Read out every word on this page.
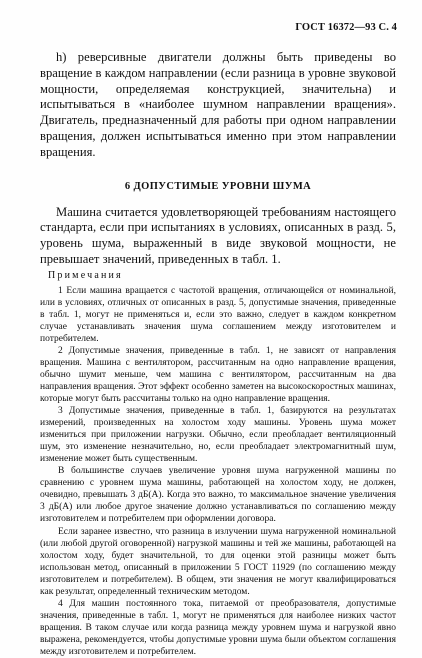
ГОСТ 16372—93 С. 4

h) реверсивные двигатели должны быть приведены во вращение в каждом направлении (если разница в уровне звуковой мощности, определяемая конструкцией, значительна) и испытываться в «наиболее шумном направлении вращения». Двигатель, предназначенный для работы при одном направлении вращения, должен испытываться именно при этом направлении вращения.

6 ДОПУСТИМЫЕ УРОВНИ ШУМА

Машина считается удовлетворяющей требованиям настоящего стандарта, если при испытаниях в условиях, описанных в разд. 5, уровень шума, выраженный в виде звуковой мощности, не превышает значений, приведенных в табл. 1.

Примечания

1 Если машина вращается с частотой вращения, отличающейся от номинальной, или в условиях, отличных от описанных в разд. 5, допустимые значения, приведенные в табл. 1, могут не применяться и, если это важно, следует в каждом конкретном случае устанавливать значения шума соглашением между изготовителем и потребителем.

2 Допустимые значения, приведенные в табл. 1, не зависят от направления вращения. Машина с вентилятором, рассчитанным на одно направление вращения, обычно шумит меньше, чем машина с вентилятором, рассчитанным на два направления вращения. Этот эффект особенно заметен на высокоскоростных машинах, которые могут быть рассчитаны только на одно направление вращения.

3 Допустимые значения, приведенные в табл. 1, базируются на результатах измерений, произведенных на холостом ходу машины. Уровень шума может измениться при приложении нагрузки. Обычно, если преобладает вентиляционный шум, это изменение незначительно, но, если преобладает электромагнитный шум, изменение может быть существенным.

В большинстве случаев увеличение уровня шума нагруженной машины по сравнению с уровнем шума машины, работающей на холостом ходу, не должен, очевидно, превышать 3 дБ(А). Когда это важно, то максимальное значение увеличения 3 дБ(А) или любое другое значение должно устанавливаться по соглашению между изготовителем и потребителем при оформлении договора.

Если заранее известно, что разница в излучении шума нагруженной номинальной (или любой другой оговоренной) нагрузкой машины и тей же машины, работающей на холостом ходу, будет значительной, то для оценки этой разницы может быть использован метод, описанный в приложении 5 ГОСТ 11929 (по соглашению между изготовителем и потребителем). В общем, эти значения не могут квалифицироваться как результат, определенный техническим методом.

4 Для машин постоянного тока, питаемой от преобразователя, допустимые значения, приведенные в табл. 1, могут не применяться для наиболее низких частот вращения. В таком случае или когда разница между уровнем шума и нагрузкой явно выражена, рекомендуется, чтобы допустимые уровни шума были объектом соглашения между изготовителем и потребителем.
